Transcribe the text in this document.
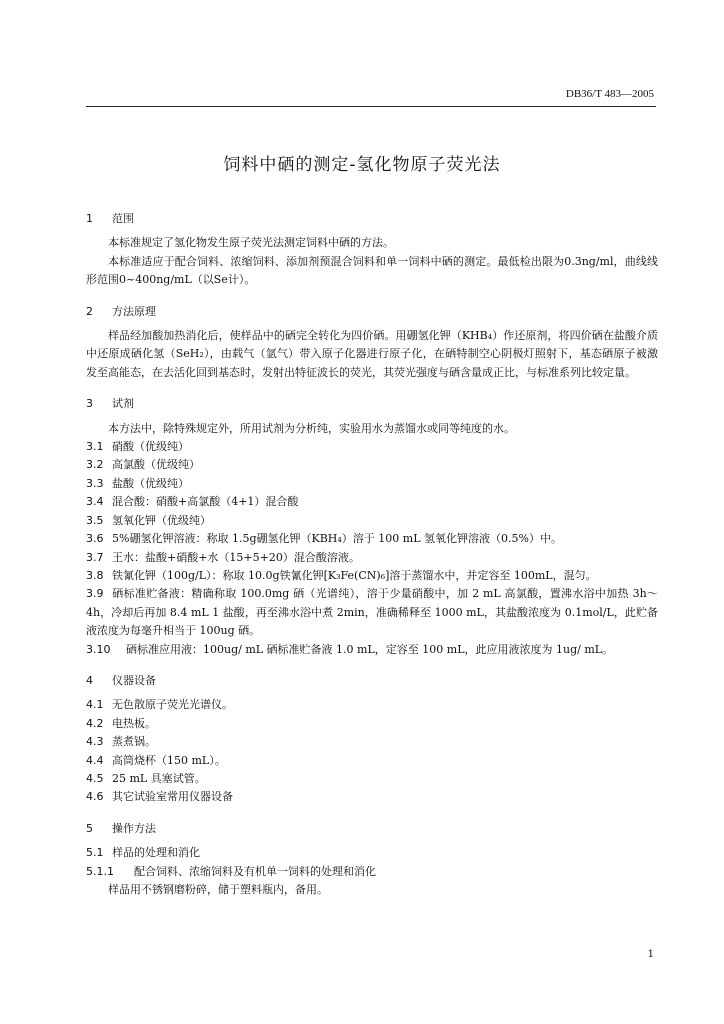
DB36/T 483—2005
饲料中硒的测定-氢化物原子荧光法

1 范围

本标准规定了氢化物发生原子荧光法测定饲料中硒的方法。

本标准适应于配合饲料、浓缩饲料、添加剂预混合饲料和单一饲料中硒的测定。最低检出限为0.3ng/ml，曲线线形范围0~400ng/mL（以Se计）。

2 方法原理

样品经加酸加热消化后，使样品中的硒完全转化为四价硒。用硼氢化钾（KHB₄）作还原剂，将四价硒在盐酸介质中还原成硒化氢（SeH₂），由载气（氩气）带入原子化器进行原子化，在硒特制空心阴极灯照射下，基态硒原子被激发至高能态，在去活化回到基态时，发射出特征波长的荧光，其荧光强度与硒含量成正比，与标准系列比较定量。

3 试剂

本方法中，除特殊规定外，所用试剂为分析纯，实验用水为蒸馏水或同等纯度的水。

3.1 硝酸（优级纯）

3.2 高氯酸（优级纯）

3.3 盐酸（优级纯）

3.4 混合酸：硝酸+高氯酸（4+1）混合酸

3.5 氢氧化钾（优级纯）

3.6 5%硼氢化钾溶液：称取 1.5g硼氢化钾（KBH₄）溶于 100 mL 氢氧化钾溶液（0.5%）中。

3.7 王水：盐酸+硝酸+水（15+5+20）混合酸溶液。

3.8 铁氰化钾（100g/L）：称取 10.0g铁氰化钾[K₃Fe(CN)₆]溶于蒸馏水中，并定容至 100mL，混匀。

3.9 硒标准贮备液：精确称取 100.0mg 硒（光谱纯），溶于少量硝酸中，加 2 mL 高氯酸，置沸水浴中加热 3h～4h，冷却后再加 8.4 mL 1 盐酸，再至沸水浴中煮 2min，准确稀释至 1000 mL，其盐酸浓度为 0.1mol/L，此贮备液浓度为每毫升相当于 100ug 硒。

3.10 硒标准应用液：100ug/ mL 硒标准贮备液 1.0 mL，定容至 100 mL，此应用液浓度为 1ug/ mL。

4 仪器设备

4.1 无色散原子荧光光谱仪。

4.2 电热板。

4.3 蒸煮锅。

4.4 高筒烧杯（150 mL）。

4.5 25 mL 具塞试管。

4.6 其它试验室常用仪器设备

5 操作方法

5.1 样品的处理和消化

5.1.1 配合饲料、浓缩饲料及有机单一饲料的处理和消化

样品用不锈钢磨粉碎，储于塑料瓶内，备用。

1
